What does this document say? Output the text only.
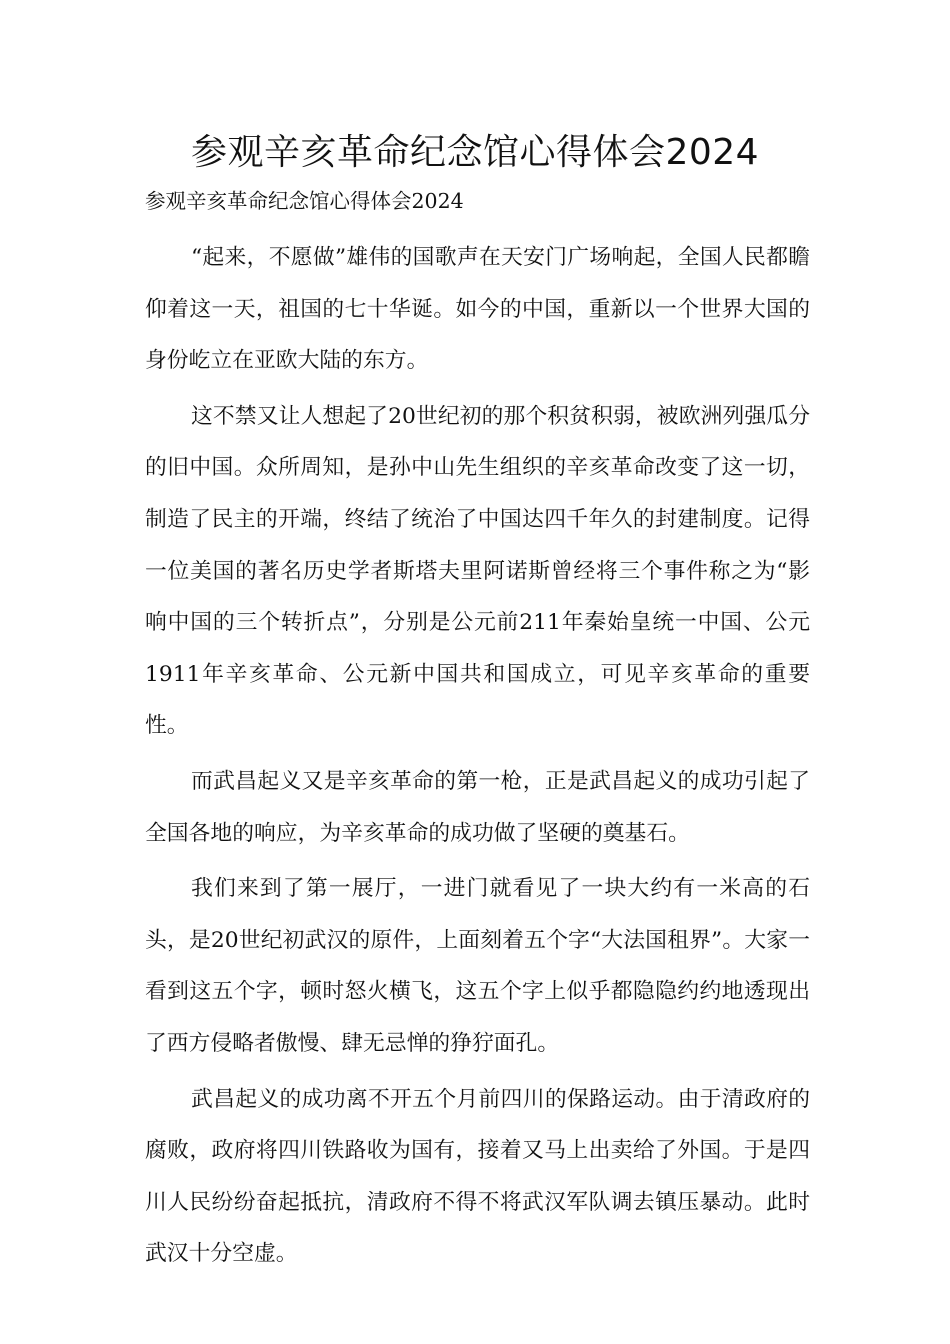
参观辛亥革命纪念馆心得体会2024

参观辛亥革命纪念馆心得体会2024

“起来，不愿做”雄伟的国歌声在天安门广场响起，全国人民都瞻仰着这一天，祖国的七十华诞。如今的中国，重新以一个世界大国的身份屹立在亚欧大陆的东方。

这不禁又让人想起了20世纪初的那个积贫积弱，被欧洲列强瓜分的旧中国。众所周知，是孙中山先生组织的辛亥革命改变了这一切，制造了民主的开端，终结了统治了中国达四千年久的封建制度。记得一位美国的著名历史学者斯塔夫里阿诺斯曾经将三个事件称之为“影响中国的三个转折点”，分别是公元前211年秦始皇统一中国、公元1911年辛亥革命、公元新中国共和国成立，可见辛亥革命的重要性。

而武昌起义又是辛亥革命的第一枪，正是武昌起义的成功引起了全国各地的响应，为辛亥革命的成功做了坚硬的奠基石。

我们来到了第一展厅，一进门就看见了一块大约有一米高的石头，是20世纪初武汉的原件，上面刻着五个字“大法国租界”。大家一看到这五个字，顿时怒火横飞，这五个字上似乎都隐隐约约地透现出了西方侵略者傲慢、肆无忌惮的狰狞面孔。

武昌起义的成功离不开五个月前四川的保路运动。由于清政府的腐败，政府将四川铁路收为国有，接着又马上出卖给了外国。于是四川人民纷纷奋起抵抗，清政府不得不将武汉军队调去镇压暴动。此时武汉十分空虚。
